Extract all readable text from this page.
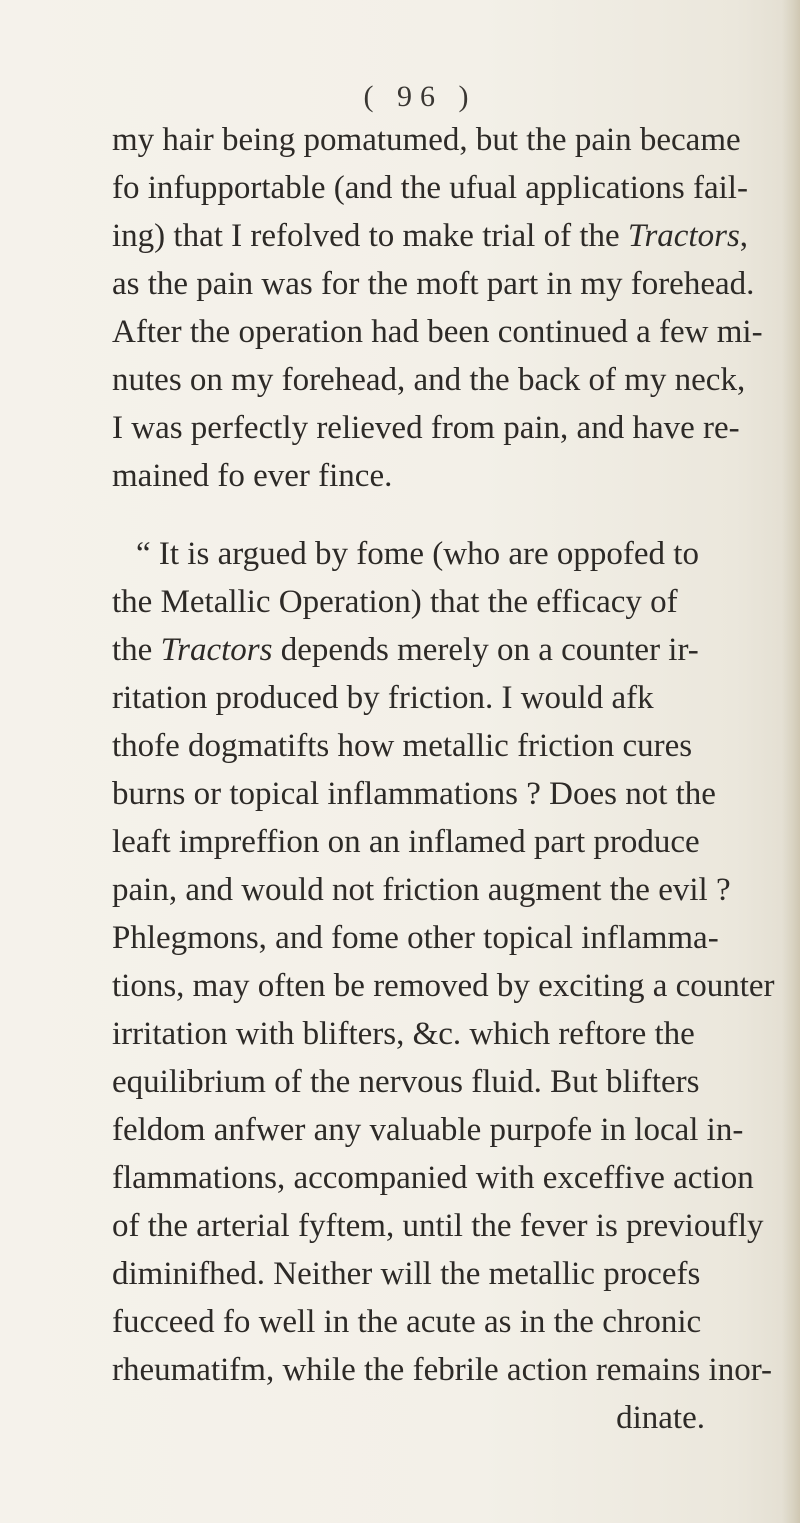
( 96 )
my hair being pomatumed, but the pain became
fo infupportable (and the ufual applications fail-
ing) that I refolved to make trial of the Tractors,
as the pain was for the moft part in my forehead.
After the operation had been continued a few mi-
nutes on my forehead, and the back of my neck,
I was perfectly relieved from pain, and have re-
mained fo ever fince.
“ It is argued by fome (who are oppofed to
the Metallic Operation) that the efficacy of
the Tractors depends merely on a counter ir-
ritation produced by friction. I would afk
thofe dogmatifts how metallic friction cures
burns or topical inflammations ? Does not the
leaft impreffion on an inflamed part produce
pain, and would not friction augment the evil ?
Phlegmons, and fome other topical inflamma-
tions, may often be removed by exciting a counter
irritation with blifters, &c. which reftore the
equilibrium of the nervous fluid. But blifters
feldom anfwer any valuable purpofe in local in-
flammations, accompanied with exceffive action
of the arterial fyftem, until the fever is previoufly
diminifhed. Neither will the metallic procefs
fucceed fo well in the acute as in the chronic
rheumatifm, while the febrile action remains inor-
dinate.
